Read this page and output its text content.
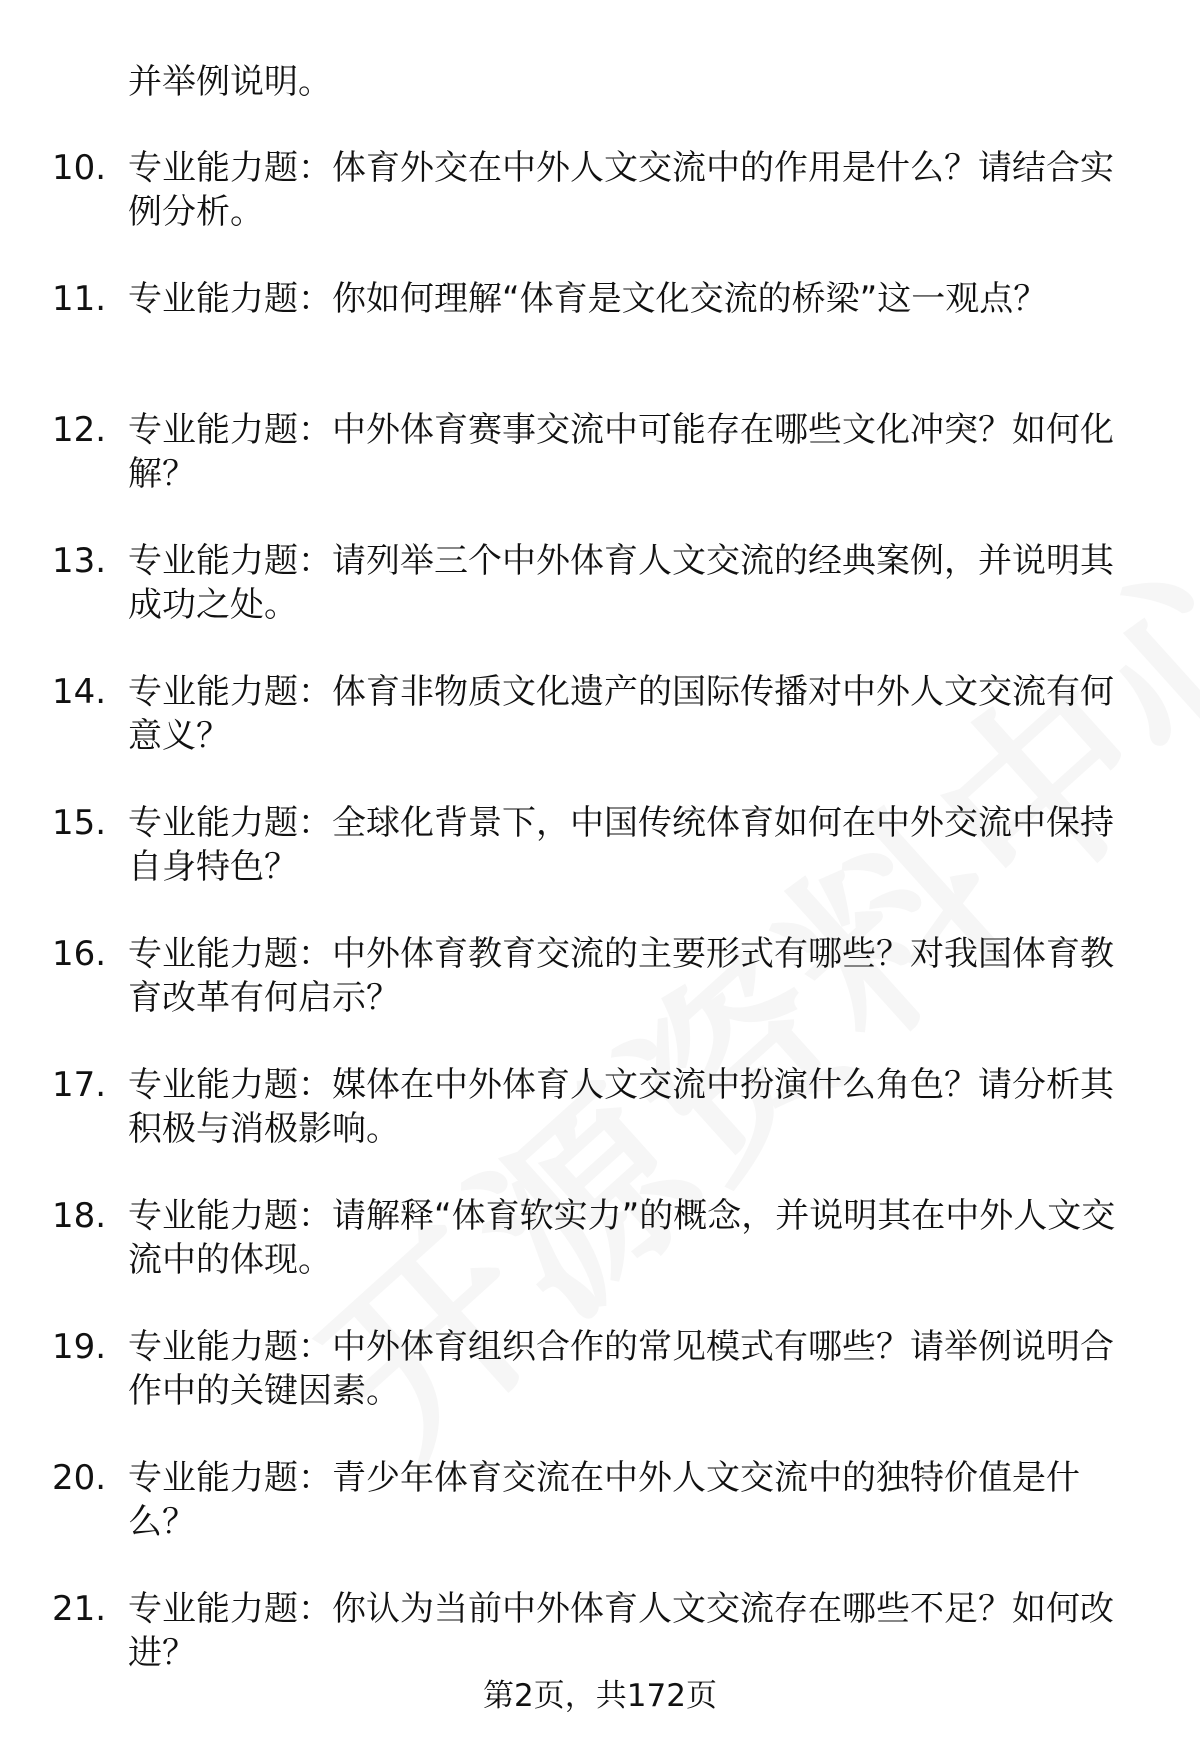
并举例说明。
10. 专业能力题：体育外交在中外人文交流中的作用是什么？请结合实例分析。
11. 专业能力题：你如何理解“体育是文化交流的桥梁”这一观点？
12. 专业能力题：中外体育赛事交流中可能存在哪些文化冲突？如何化解？
13. 专业能力题：请列举三个中外体育人文交流的经典案例，并说明其成功之处。
14. 专业能力题：体育非物质文化遗产的国际传播对中外人文交流有何意义？
15. 专业能力题：全球化背景下，中国传统体育如何在中外交流中保持自身特色？
16. 专业能力题：中外体育教育交流的主要形式有哪些？对我国体育教育改革有何启示？
17. 专业能力题：媒体在中外体育人文交流中扮演什么角色？请分析其积极与消极影响。
18. 专业能力题：请解释“体育软实力”的概念，并说明其在中外人文交流中的体现。
19. 专业能力题：中外体育组织合作的常见模式有哪些？请举例说明合作中的关键因素。
20. 专业能力题：青少年体育交流在中外人文交流中的独特价值是什么？
21. 专业能力题：你认为当前中外体育人文交流存在哪些不足？如何改进？
第2页，共172页
